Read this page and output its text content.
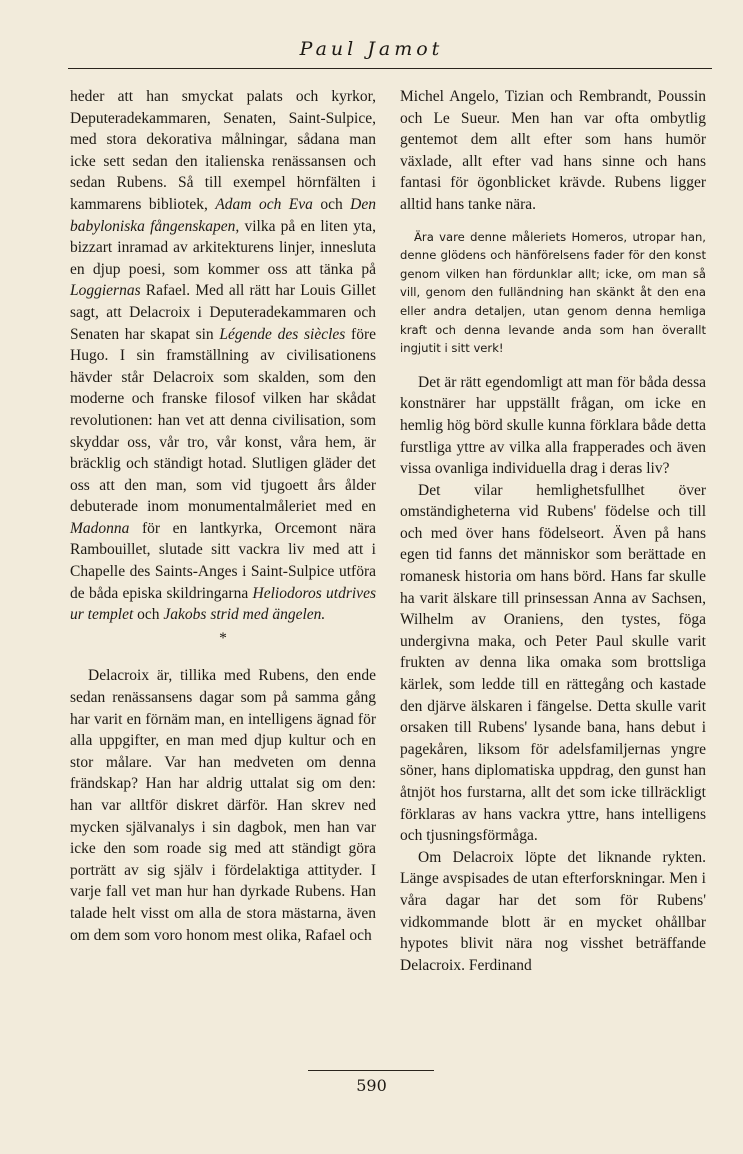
Paul Jamot

heder att han smyckat palats och kyrkor, Deputeradekammaren, Senaten, Saint-Sulpice, med stora dekorativa målningar, sådana man icke sett sedan den italienska renässansen och sedan Rubens. Så till exempel hörnfälten i kammarens bibliotek, Adam och Eva och Den babyloniska fångenskapen, vilka på en liten yta, bizzart inramad av arkitekturens linjer, innesluta en djup poesi, som kommer oss att tänka på Loggiernas Rafael. Med all rätt har Louis Gillet sagt, att Delacroix i Deputeradekammaren och Senaten har skapat sin Légende des siècles före Hugo. I sin framställning av civilisationens hävder står Delacroix som skalden, som den moderne och franske filosof vilken har skådat revolutionen: han vet att denna civilisation, som skyddar oss, vår tro, vår konst, våra hem, är bräcklig och ständigt hotad. Slutligen gläder det oss att den man, som vid tjugoett års ålder debuterade inom monumentalmåleriet med en Madonna för en lantkyrka, Orcemont nära Rambouillet, slutade sitt vackra liv med att i Chapelle des Saints-Anges i Saint-Sulpice utföra de båda episka skildringarna Heliodoros utdrives ur templet och Jakobs strid med ängelen.

*

Delacroix är, tillika med Rubens, den ende sedan renässansens dagar som på samma gång har varit en förnäm man, en intelligens ägnad för alla uppgifter, en man med djup kultur och en stor målare. Var han medveten om denna frändskap? Han har aldrig uttalat sig om den: han var alltför diskret därför. Han skrev ned mycken självanalys i sin dagbok, men han var icke den som roade sig med att ständigt göra porträtt av sig själv i fördelaktiga attityder. I varje fall vet man hur han dyrkade Rubens. Han talade helt visst om alla de stora mästarna, även om dem som voro honom mest olika, Rafael och

Michel Angelo, Tizian och Rembrandt, Poussin och Le Sueur. Men han var ofta ombytlig gentemot dem allt efter som hans humör växlade, allt efter vad hans sinne och hans fantasi för ögonblicket krävde. Rubens ligger alltid hans tanke nära.

Ära vare denne måleriets Homeros, utropar han, denne glödens och hänförelsens fader för den konst genom vilken han fördunklar allt; icke, om man så vill, genom den fulländning han skänkt åt den ena eller andra detaljen, utan genom denna hemliga kraft och denna levande anda som han överallt ingjutit i sitt verk!

Det är rätt egendomligt att man för båda dessa konstnärer har uppställt frågan, om icke en hemlig hög börd skulle kunna förklara både detta furstliga yttre av vilka alla frapperades och även vissa ovanliga individuella drag i deras liv?

Det vilar hemlighetsfullhet över omständigheterna vid Rubens' födelse och till och med över hans födelseort. Även på hans egen tid fanns det människor som berättade en romanesk historia om hans börd. Hans far skulle ha varit älskare till prinsessan Anna av Sachsen, Wilhelm av Oraniens, den tystes, föga undergivna maka, och Peter Paul skulle varit frukten av denna lika omaka som brottsliga kärlek, som ledde till en rättegång och kastade den djärve älskaren i fängelse. Detta skulle varit orsaken till Rubens' lysande bana, hans debut i pagekåren, liksom för adelsfamiljernas yngre söner, hans diplomatiska uppdrag, den gunst han åtnjöt hos furstarna, allt det som icke tillräckligt förklaras av hans vackra yttre, hans intelligens och tjusningsförmåga.

Om Delacroix löpte det liknande rykten. Länge avspisades de utan efterforskningar. Men i våra dagar har det som för Rubens' vidkommande blott är en mycket ohållbar hypotes blivit nära nog visshet beträffande Delacroix. Ferdinand

590
